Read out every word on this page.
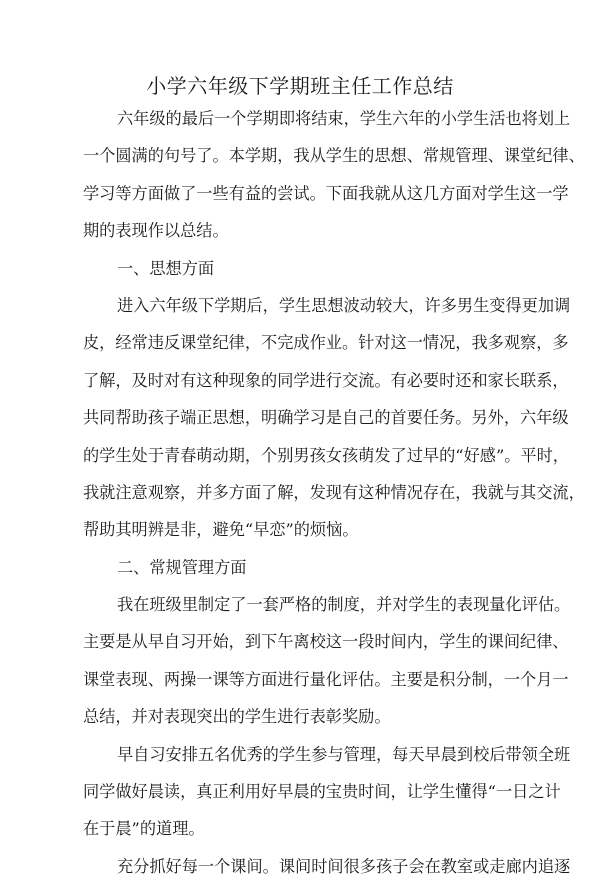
小学六年级下学期班主任工作总结
六年级的最后一个学期即将结束，学生六年的小学生活也将划上
一个圆满的句号了。本学期，我从学生的思想、常规管理、课堂纪律、
学习等方面做了一些有益的尝试。下面我就从这几方面对学生这一学
期的表现作以总结。
一、思想方面
进入六年级下学期后，学生思想波动较大，许多男生变得更加调
皮，经常违反课堂纪律，不完成作业。针对这一情况，我多观察，多
了解，及时对有这种现象的同学进行交流。有必要时还和家长联系，
共同帮助孩子端正思想，明确学习是自己的首要任务。另外，六年级
的学生处于青春萌动期，个别男孩女孩萌发了过早的“好感”。平时，
我就注意观察，并多方面了解，发现有这种情况存在，我就与其交流，
帮助其明辨是非，避免“早恋”的烦恼。
二、常规管理方面
我在班级里制定了一套严格的制度，并对学生的表现量化评估。
主要是从早自习开始，到下午离校这一段时间内，学生的课间纪律、
课堂表现、两操一课等方面进行量化评估。主要是积分制，一个月一
总结，并对表现突出的学生进行表彰奖励。
早自习安排五名优秀的学生参与管理，每天早晨到校后带领全班
同学做好晨读，真正利用好早晨的宝贵时间，让学生懂得“一日之计
在于晨”的道理。
充分抓好每一个课间。课间时间很多孩子会在教室或走廊内追逐
